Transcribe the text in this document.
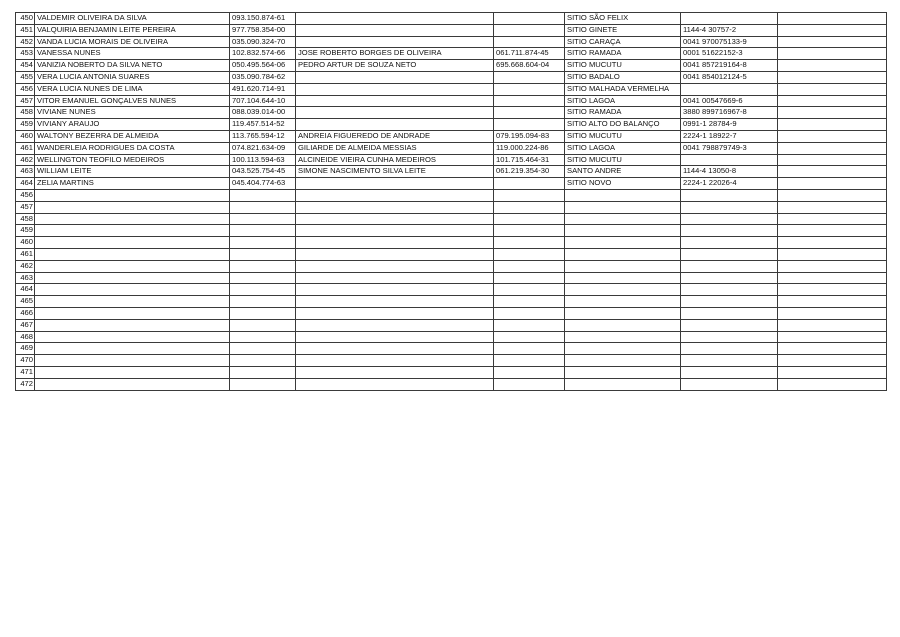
450	VALDEMIR OLIVEIRA DA SILVA	093.150.874-61			SITIO SÃO FELIX		
451	VALQUIRIA BENJAMIN LEITE PEREIRA	977.758.354-00			SITIO GINETE	1144-4 30757-2	
452	VANDA LUCIA MORAIS DE OLIVEIRA	035.090.324-70			SITIO CARAÇA	0041 970075133-9	
453	VANESSA NUNES	102.832.574-66	JOSE ROBERTO BORGES DE OLIVEIRA	061.711.874-45	SITIO RAMADA	0001 51622152-3	
454	VANIZIA NOBERTO DA SILVA NETO	050.495.564-06	PEDRO ARTUR DE SOUZA NETO	695.668.604-04	SITIO MUCUTU	0041 857219164-8	
455	VERA LUCIA ANTONIA SUARES	035.090.784-62			SITIO BADALO	0041 854012124-5	
456	VERA LUCIA NUNES DE LIMA	491.620.714-91			SITIO MALHADA VERMELHA		
457	VITOR EMANUEL GONÇALVES NUNES	707.104.644-10			SITIO LAGOA	0041 00547669-6	
458	VIVIANE NUNES	088.039.014-00			SITIO RAMADA	3880 899716967-8	
459	VIVIANY ARAUJO	119.457.514-52			SITIO ALTO DO BALANÇO	0991-1 28784-9	
460	WALTONY BEZERRA DE ALMEIDA	113.765.594-12	ANDREIA FIGUEREDO DE ANDRADE	079.195.094-83	SITIO MUCUTU	2224-1 18922-7	
461	WANDERLEIA RODRIGUES DA COSTA	074.821.634-09	GILIARDE DE ALMEIDA MESSIAS	119.000.224-86	SITIO LAGOA	0041 798879749-3	
462	WELLINGTON TEOFILO MEDEIROS	100.113.594-63	ALCINEIDE VIEIRA CUNHA MEDEIROS	101.715.464-31	SITIO MUCUTU		
463	WILLIAM LEITE	043.525.754-45	SIMONE NASCIMENTO SILVA LEITE	061.219.354-30	SANTO ANDRE	1144-4 13050-8	
464	ZELIA MARTINS	045.404.774-63			SITIO NOVO	2224-1 22026-4	
456							
457							
458							
459							
460							
461							
462							
463							
464							
465							
466							
467							
468							
469							
470							
471							
472							
